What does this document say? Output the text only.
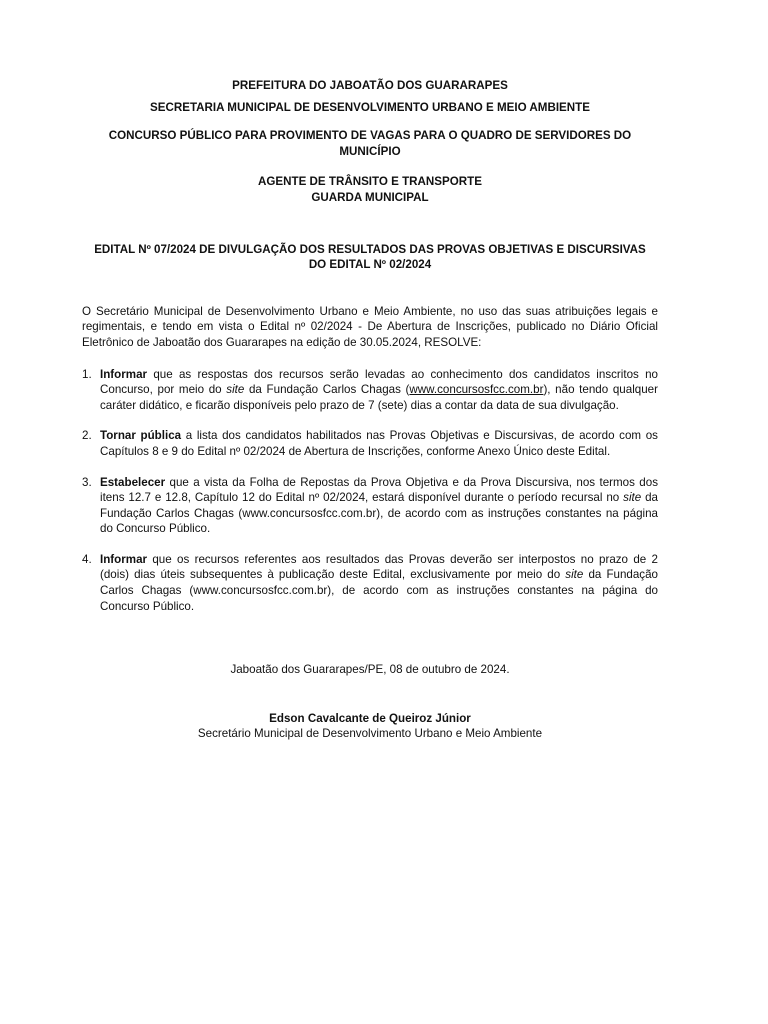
PREFEITURA DO JABOATÃO DOS GUARARAPES

SECRETARIA MUNICIPAL DE DESENVOLVIMENTO URBANO E MEIO AMBIENTE

CONCURSO PÚBLICO PARA PROVIMENTO DE VAGAS PARA O QUADRO DE SERVIDORES DO MUNICÍPIO

AGENTE DE TRÂNSITO E TRANSPORTE

GUARDA MUNICIPAL

EDITAL Nº 07/2024 DE DIVULGAÇÃO DOS RESULTADOS DAS PROVAS OBJETIVAS E DISCURSIVAS

DO EDITAL Nº 02/2024

O Secretário Municipal de Desenvolvimento Urbano e Meio Ambiente, no uso das suas atribuições legais e regimentais, e tendo em vista o Edital nº 02/2024 - De Abertura de Inscrições, publicado no Diário Oficial Eletrônico de Jaboatão dos Guararapes na edição de 30.05.2024, RESOLVE:

1. Informar que as respostas dos recursos serão levadas ao conhecimento dos candidatos inscritos no Concurso, por meio do site da Fundação Carlos Chagas (www.concursosfcc.com.br), não tendo qualquer caráter didático, e ficarão disponíveis pelo prazo de 7 (sete) dias a contar da data de sua divulgação.
2. Tornar pública a lista dos candidatos habilitados nas Provas Objetivas e Discursivas, de acordo com os Capítulos 8 e 9 do Edital nº 02/2024 de Abertura de Inscrições, conforme Anexo Único deste Edital.
3. Estabelecer que a vista da Folha de Repostas da Prova Objetiva e da Prova Discursiva, nos termos dos itens 12.7 e 12.8, Capítulo 12 do Edital nº 02/2024, estará disponível durante o período recursal no site da Fundação Carlos Chagas (www.concursosfcc.com.br), de acordo com as instruções constantes na página do Concurso Público.
4. Informar que os recursos referentes aos resultados das Provas deverão ser interpostos no prazo de 2 (dois) dias úteis subsequentes à publicação deste Edital, exclusivamente por meio do site da Fundação Carlos Chagas (www.concursosfcc.com.br), de acordo com as instruções constantes na página do Concurso Público.

Jaboatão dos Guararapes/PE, 08 de outubro de 2024.

Edson Cavalcante de Queiroz Júnior

Secretário Municipal de Desenvolvimento Urbano e Meio Ambiente
